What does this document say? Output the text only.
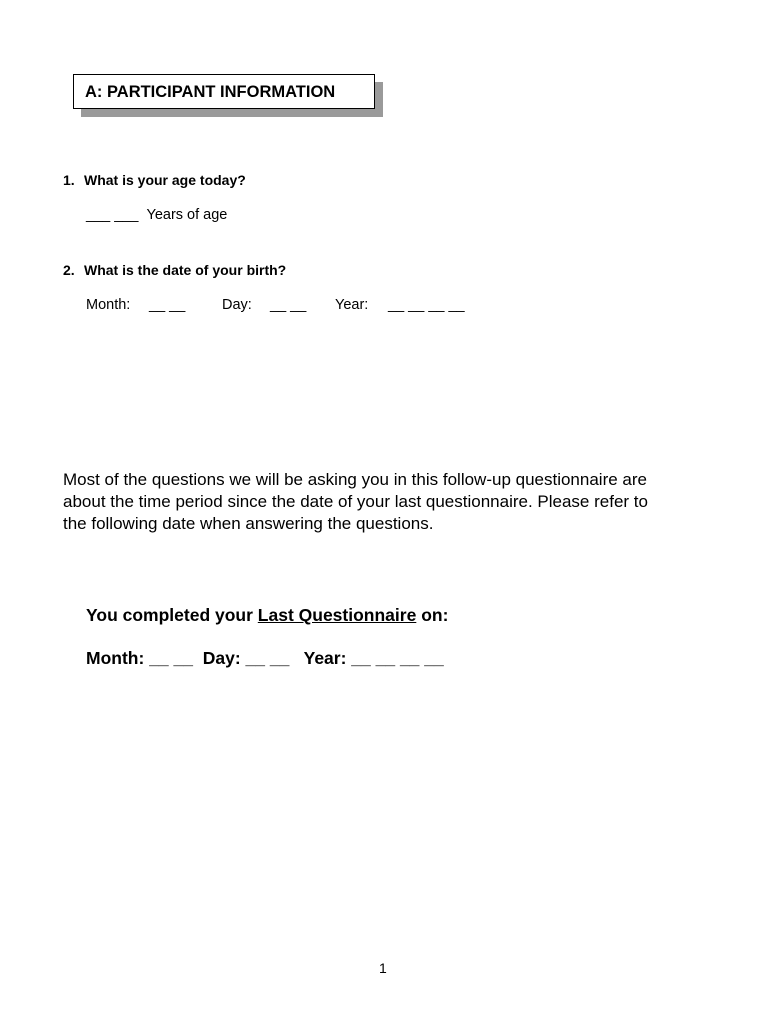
A: PARTICIPANT INFORMATION
1. What is your age today?
___ ___ Years of age
2. What is the date of your birth?
Month: __ __	Day: __ __ Year: __ __ __ __

Most of the questions we will be asking you in this follow-up questionnaire are

about the time period since the date of your last questionnaire. Please refer to

the following date when answering the questions.

You completed your Last Questionnaire on:
Month: __ __ Day: __ __ Year: __ __ __ __
1
